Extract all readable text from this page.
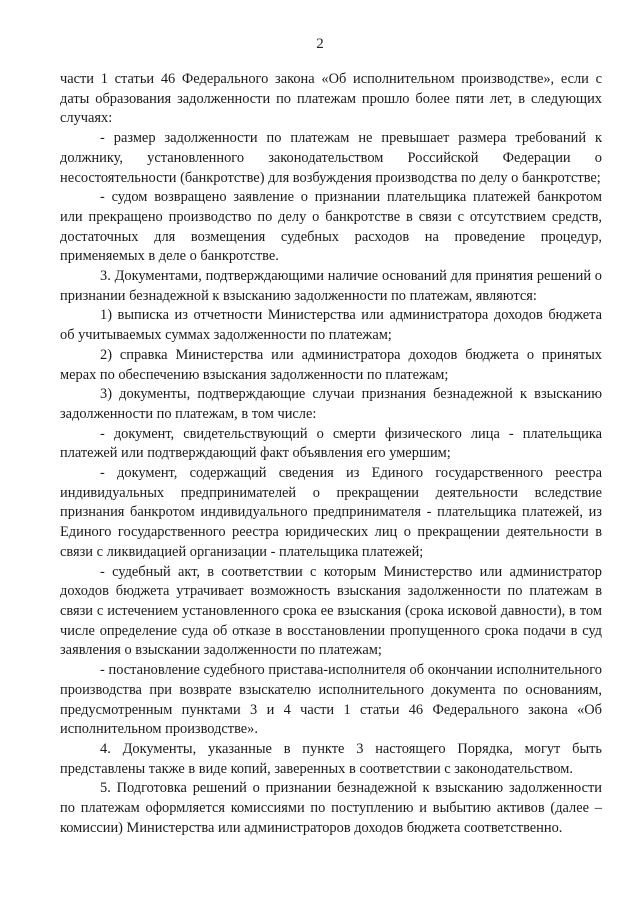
2

части 1 статьи 46 Федерального закона «Об исполнительном производстве», если с даты образования задолженности по платежам прошло более пяти лет, в следующих случаях:

- размер задолженности по платежам не превышает размера требований к должнику, установленного законодательством Российской Федерации о несостоятельности (банкротстве) для возбуждения производства по делу о банкротстве;

- судом возвращено заявление о признании плательщика платежей банкротом или прекращено производство по делу о банкротстве в связи с отсутствием средств, достаточных для возмещения судебных расходов на проведение процедур, применяемых в деле о банкротстве.

3. Документами, подтверждающими наличие оснований для принятия решений о признании безнадежной к взысканию задолженности по платежам, являются:

1) выписка из отчетности Министерства или администратора доходов бюджета об учитываемых суммах задолженности по платежам;

2) справка Министерства или администратора доходов бюджета о принятых мерах по обеспечению взыскания задолженности по платежам;

3) документы, подтверждающие случаи признания безнадежной к взысканию задолженности по платежам, в том числе:

- документ, свидетельствующий о смерти физического лица - плательщика платежей или подтверждающий факт объявления его умершим;

- документ, содержащий сведения из Единого государственного реестра индивидуальных предпринимателей о прекращении деятельности вследствие признания банкротом индивидуального предпринимателя - плательщика платежей, из Единого государственного реестра юридических лиц о прекращении деятельности в связи с ликвидацией организации - плательщика платежей;

- судебный акт, в соответствии с которым Министерство или администратор доходов бюджета утрачивает возможность взыскания задолженности по платежам в связи с истечением установленного срока ее взыскания (срока исковой давности), в том числе определение суда об отказе в восстановлении пропущенного срока подачи в суд заявления о взыскании задолженности по платежам;

- постановление судебного пристава-исполнителя об окончании исполнительного производства при возврате взыскателю исполнительного документа по основаниям, предусмотренным пунктами 3 и 4 части 1 статьи 46 Федерального закона «Об исполнительном производстве».

4. Документы, указанные в пункте 3 настоящего Порядка, могут быть представлены также в виде копий, заверенных в соответствии с законодательством.

5. Подготовка решений о признании безнадежной к взысканию задолженности по платежам оформляется комиссиями по поступлению и выбытию активов (далее – комиссии) Министерства или администраторов доходов бюджета соответственно.
